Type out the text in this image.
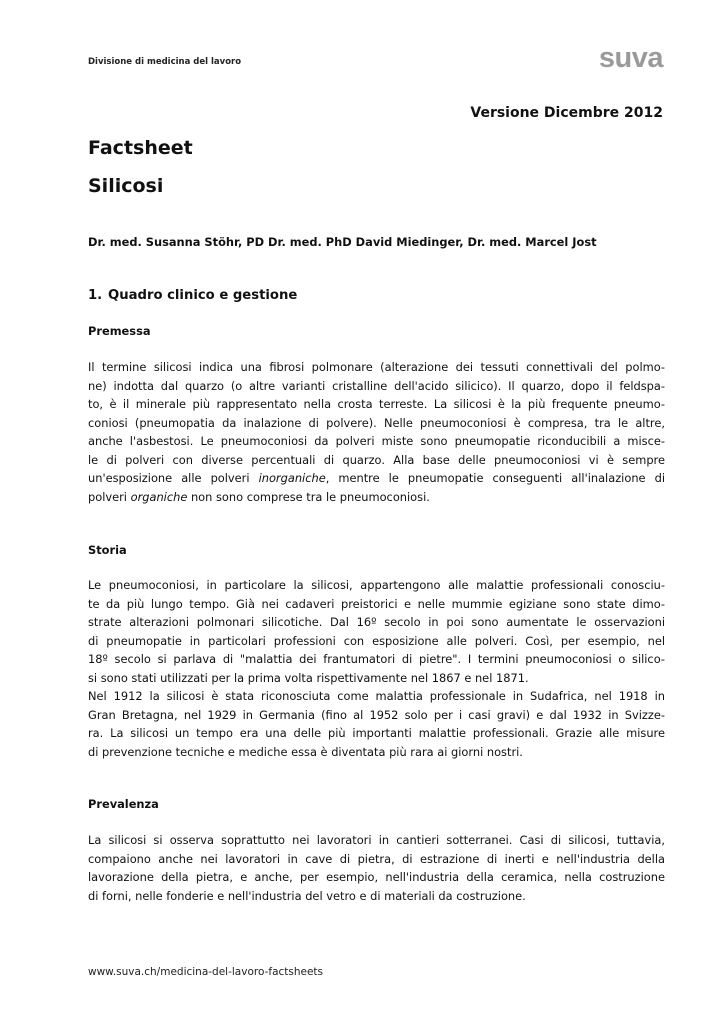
Divisione di medicina del lavoro	suva
Versione Dicembre 2012
Factsheet
Silicosi
Dr. med. Susanna Stöhr, PD Dr. med. PhD David Miedinger, Dr. med. Marcel Jost
1. Quadro clinico e gestione
Premessa
Il termine silicosi indica una fibrosi polmonare (alterazione dei tessuti connettivali del polmo-
ne) indotta dal quarzo (o altre varianti cristalline dell'acido silicico). Il quarzo, dopo il feldspa-
to, è il minerale più rappresentato nella crosta terreste. La silicosi è la più frequente pneumo-
coniosi (pneumopatia da inalazione di polvere). Nelle pneumoconiosi è compresa, tra le altre,
anche l'asbestosi. Le pneumoconiosi da polveri miste sono pneumopatie riconducibili a misce-
le di polveri con diverse percentuali di quarzo. Alla base delle pneumoconiosi vi è sempre
un'esposizione alle polveri inorganiche, mentre le pneumopatie conseguenti all'inalazione di
polveri organiche non sono comprese tra le pneumoconiosi.
Storia
Le pneumoconiosi, in particolare la silicosi, appartengono alle malattie professionali conosciu-
te da più lungo tempo. Già nei cadaveri preistorici e nelle mummie egiziane sono state dimo-
strate alterazioni polmonari silicotiche. Dal 16º secolo in poi sono aumentate le osservazioni
di pneumopatie in particolari professioni con esposizione alle polveri. Così, per esempio, nel
18º secolo si parlava di "malattia dei frantumatori di pietre". I termini pneumoconiosi o silico-
si sono stati utilizzati per la prima volta rispettivamente nel 1867 e nel 1871.
Nel 1912 la silicosi è stata riconosciuta come malattia professionale in Sudafrica, nel 1918 in
Gran Bretagna, nel 1929 in Germania (fino al 1952 solo per i casi gravi) e dal 1932 in Svizze-
ra. La silicosi un tempo era una delle più importanti malattie professionali. Grazie alle misure
di prevenzione tecniche e mediche essa è diventata più rara ai giorni nostri.
Prevalenza
La silicosi si osserva soprattutto nei lavoratori in cantieri sotterranei. Casi di silicosi, tuttavia,
compaiono anche nei lavoratori in cave di pietra, di estrazione di inerti e nell'industria della
lavorazione della pietra, e anche, per esempio, nell'industria della ceramica, nella costruzione
di forni, nelle fonderie e nell'industria del vetro e di materiali da costruzione.
www.suva.ch/medicina-del-lavoro-factsheets
